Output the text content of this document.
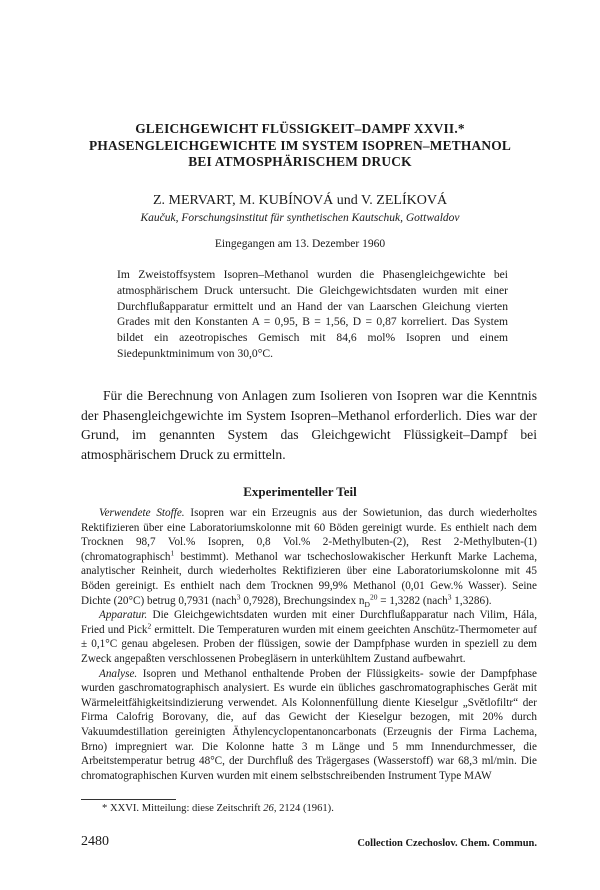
GLEICHGEWICHT FLÜSSIGKEIT–DAMPF XXVII.*
PHASENGLEICHGEWICHTE IM SYSTEM ISOPREN–METHANOL
BEI ATMOSPHÄRISCHEM DRUCK
Z. MERVART, M. KUBÍNOVÁ und V. ZELÍKOVÁ
Kaučuk, Forschungsinstitut für synthetischen Kautschuk, Gottwaldov
Eingegangen am 13. Dezember 1960
Im Zweistoffsystem Isopren–Methanol wurden die Phasengleichgewichte bei atmosphärischem Druck untersucht. Die Gleichgewichtsdaten wurden mit einer Durchflußapparatur ermittelt und an Hand der van Laarschen Gleichung vierten Grades mit den Konstanten A = 0,95, B = 1,56, D = 0,87 korreliert. Das System bildet ein azeotropisches Gemisch mit 84,6 mol% Isopren und einem Siedepunktminimum von 30,0°C.
Für die Berechnung von Anlagen zum Isolieren von Isopren war die Kenntnis der Phasengleichgewichte im System Isopren–Methanol erforderlich. Dies war der Grund, im genannten System das Gleichgewicht Flüssigkeit–Dampf bei atmosphärischem Druck zu ermitteln.
Experimenteller Teil

Verwendete Stoffe. Isopren war ein Erzeugnis aus der Sowietunion, das durch wiederholtes Rektifizieren über eine Laboratoriumskolonne mit 60 Böden gereinigt wurde. Es enthielt nach dem Trocknen 98,7 Vol.% Isopren, 0,8 Vol.% 2-Methylbuten-(2), Rest 2-Methylbuten-(1) (chromatographisch$^1$ bestimmt). Methanol war tschechoslowakischer Herkunft Marke Lachema, analytischer Reinheit, durch wiederholtes Rektifizieren über eine Laboratoriumskolonne mit 45 Böden gereinigt. Es enthielt nach dem Trocknen 99,9% Methanol (0,01 Gew.% Wasser). Seine Dichte (20°C) betrug 0,7931 (nach$^3$ 0,7928), Brechungsindex $n_D^{20} = 1,3282$ (nach$^3$ 1,3286).

Apparatur. Die Gleichgewichtsdaten wurden mit einer Durchflußapparatur nach Vilim, Hála, Fried und Pick$^2$ ermittelt. Die Temperaturen wurden mit einem geeichten Anschütz-Thermometer auf ± 0,1°C genau abgelesen. Proben der flüssigen, sowie der Dampfphase wurden in speziell zu dem Zweck angepaßten verschlossenen Probegläsern in unterkühltem Zustand aufbewahrt.

Analyse. Isopren und Methanol enthaltende Proben der Flüssigkeits- sowie der Dampfphase wurden gaschromatographisch analysiert. Es wurde ein übliches gaschromatographisches Gerät mit Wärmeleitfähigkeitsindizierung verwendet. Als Kolonnenfüllung diente Kieselgur „Světlofiltr“ der Firma Calofrig Borovany, die, auf das Gewicht der Kieselgur bezogen, mit 20% durch Vakuumdestillation gereinigten Äthylencyclopentanoncarbonats (Erzeugnis der Firma Lachema, Brno) impregniert war. Die Kolonne hatte 3 m Länge und 5 mm Innendurchmesser, die Arbeitstemperatur betrug 48°C, der Durchfluß des Trägergases (Wasserstoff) war 68,3 ml/min. Die chromatographischen Kurven wurden mit einem selbstschreibenden Instrument Type MAW

* XXVI. Mitteilung: diese Zeitschrift 26, 2124 (1961).
2480	Collection Czechoslov. Chem. Commun.
